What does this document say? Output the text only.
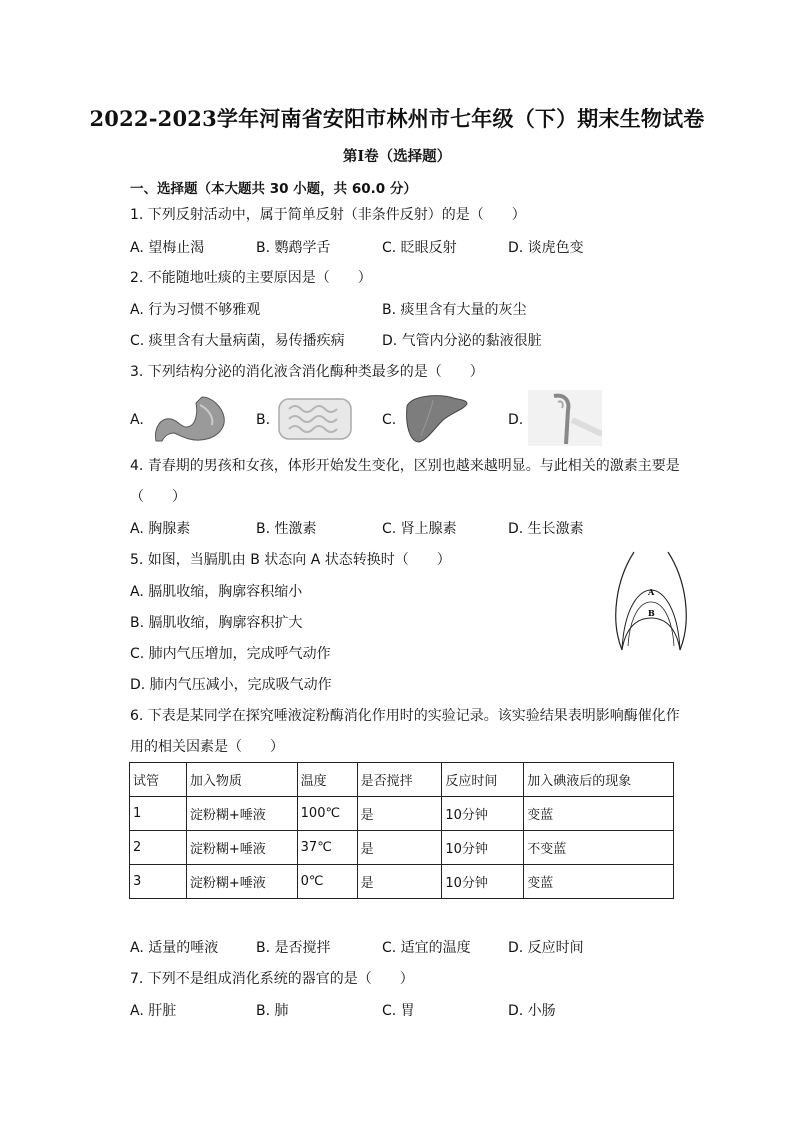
2022-2023学年河南省安阳市林州市七年级（下）期末生物试卷
第I卷（选择题）
一、选择题（本大题共 30 小题，共 60.0 分）
1. 下列反射活动中，属于简单反射（非条件反射）的是（　　）
A. 望梅止渴	B. 鹦鹉学舌	C. 眨眼反射	D. 谈虎色变
2. 不能随地吐痰的主要原因是（　　）
A. 行为习惯不够雅观	B. 痰里含有大量的灰尘
C. 痰里含有大量病菌，易传播疾病	D. 气管内分泌的黏液很脏
3. 下列结构分泌的消化液含消化酶种类最多的是（　　）
A.	B.	C.	D.
4. 青春期的男孩和女孩，体形开始发生变化，区别也越来越明显。与此相关的激素主要是
（　　）
A. 胸腺素	B. 性激素	C. 肾上腺素	D. 生长激素
5. 如图，当膈肌由 B 状态向 A 状态转换时（　　）
A. 膈肌收缩，胸廓容积缩小
B. 膈肌收缩，胸廓容积扩大
C. 肺内气压增加，完成呼气动作
D. 肺内气压减小，完成吸气动作
A
B
6. 下表是某同学在探究唾液淀粉酶消化作用时的实验记录。该实验结果表明影响酶催化作
用的相关因素是（　　）
试管	加入物质	温度	是否搅拌	反应时间	加入碘液后的现象
1	淀粉糊+唾液	100℃	是	10分钟	变蓝
2	淀粉糊+唾液	37℃	是	10分钟	不变蓝
3	淀粉糊+唾液	0℃	是	10分钟	变蓝
A. 适量的唾液	B. 是否搅拌	C. 适宜的温度	D. 反应时间
7. 下列不是组成消化系统的器官的是（　　）
A. 肝脏	B. 肺	C. 胃	D. 小肠
